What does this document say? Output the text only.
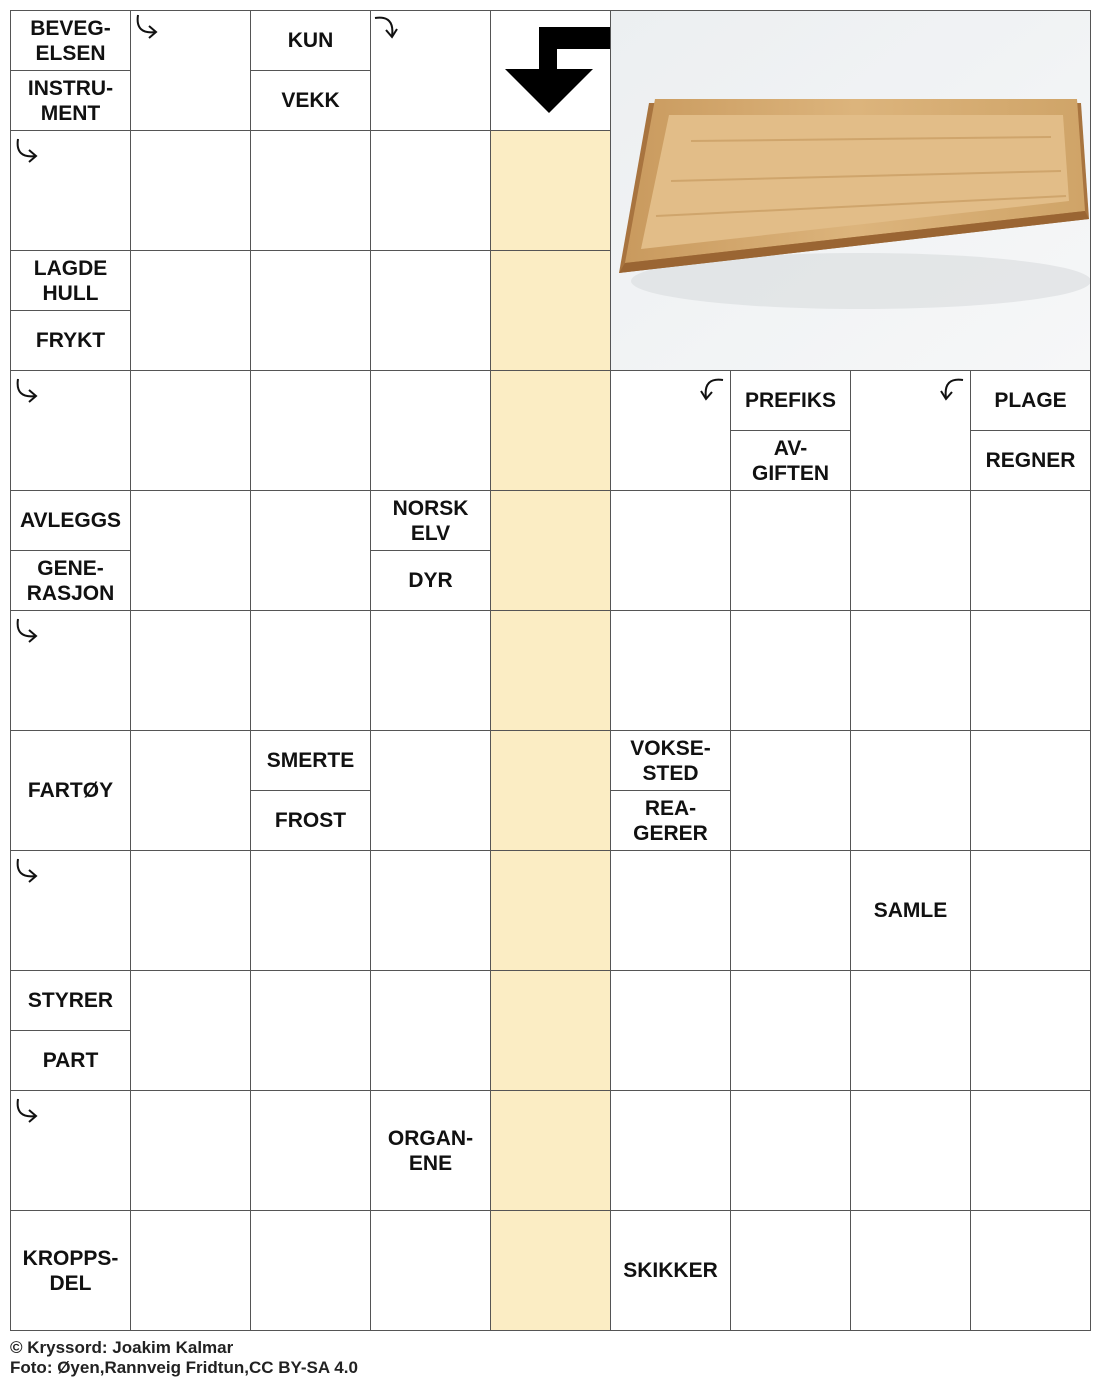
BEVEG-
ELSEN
INSTRU-
MENT
KUN
VEKK
LAGDE
HULL
FRYKT
PREFIKS
AV-
GIFTEN
PLAGE
REGNER
AVLEGGS
GENE-
RASJON
NORSK
ELV
DYR
FARTØY
SMERTE
FROST
VOKSE-
STED
REA-
GERER
SAMLE
STYRER
PART
ORGAN-
ENE
KROPPS-
DEL
SKIKKER
© Kryssord: Joakim Kalmar
Foto: Øyen,Rannveig Fridtun,CC BY-SA 4.0
